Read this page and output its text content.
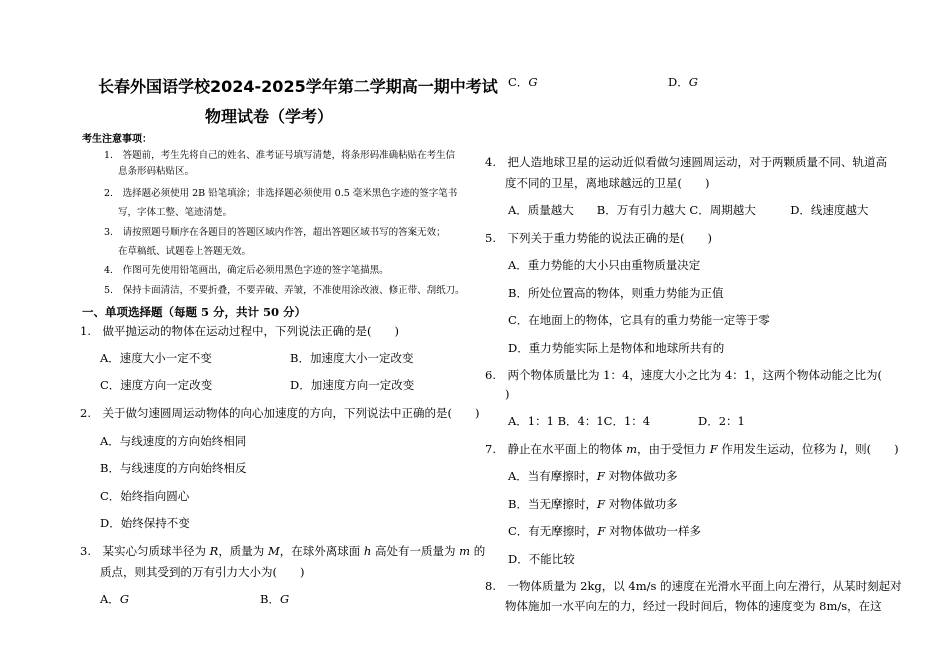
长春外国语学校2024-2025学年第二学期高一期中考试
物理试卷（学考）
考生注意事项：
1.　答题前，考生先将自己的姓名、准考证号填写清楚，将条形码准确粘贴在考生信
息条形码粘贴区。
2.　选择题必须使用 2B 铅笔填涂；非选择题必须使用 0.5 毫米黑色字迹的签字笔书
写，字体工整、笔迹清楚。
3.　请按照题号顺序在各题目的答题区域内作答，超出答题区域书写的答案无效；
在草稿纸、试题卷上答题无效。
4.　作图可先使用铅笔画出，确定后必须用黑色字迹的签字笔描黑。
5.　保持卡面清洁，不要折叠，不要弄破、弄皱，不准使用涂改液、修正带、刮纸刀。
一、单项选择题（每题 5 分，共计 50 分）
1.　做平抛运动的物体在运动过程中，下列说法正确的是(　　)
A．速度大小一定不变	B．加速度大小一定改变
C．速度方向一定改变	D．加速度方向一定改变
2.　关于做匀速圆周运动物体的向心加速度的方向，下列说法中正确的是(　　)
A．与线速度的方向始终相同
B．与线速度的方向始终相反
C．始终指向圆心
D．始终保持不变
3.　某实心匀质球半径为 R，质量为 M，在球外离球面 h 高处有一质量为 m 的
质点，则其受到的万有引力大小为(　　)
A．G	B．G
C．G	D．G
4.　把人造地球卫星的运动近似看做匀速圆周运动，对于两颗质量不同、轨道高
度不同的卫星，离地球越远的卫星(　　)
A．质量越大　　B．万有引力越大 C．周期越大　　　D．线速度越大
5.　下列关于重力势能的说法正确的是(　　)
A．重力势能的大小只由重物质量决定
B．所处位置高的物体，则重力势能为正值
C．在地面上的物体，它具有的重力势能一定等于零
D．重力势能实际上是物体和地球所共有的
6.　两个物体质量比为 1：4，速度大小之比为 4：1，这两个物体动能之比为(
)
A．1：1 B．4：1C．1：4	D．2：1
7.　静止在水平面上的物体 m，由于受恒力 F 作用发生运动，位移为 l，则(　　)
A．当有摩擦时，F 对物体做功多
B．当无摩擦时，F 对物体做功多
C．有无摩擦时，F 对物体做功一样多
D．不能比较
8.　一物体质量为 2kg，以 4m/s 的速度在光滑水平面上向左滑行，从某时刻起对
物体施加一水平向左的力，经过一段时间后，物体的速度变为 8m/s，在这
